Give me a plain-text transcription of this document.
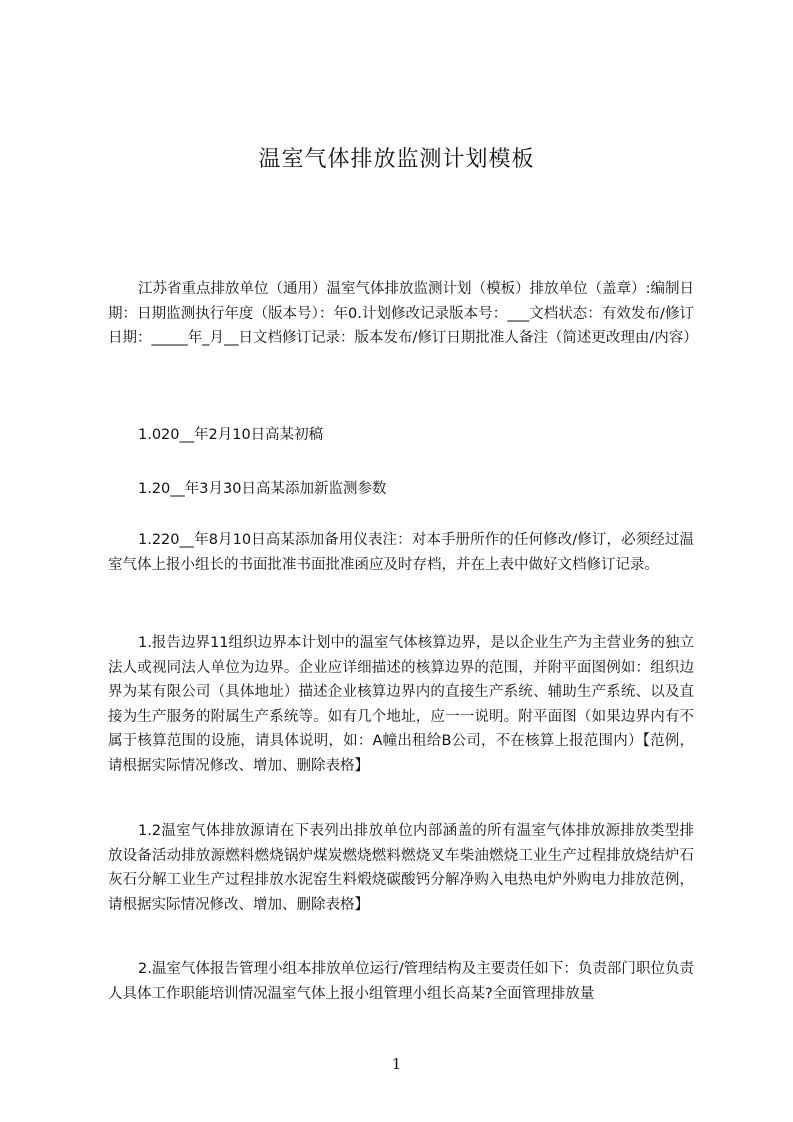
温室气体排放监测计划模板

江苏省重点排放单位（通用）温室气体排放监测计划（模板）排放单位（盖章）:编制日期：日期监测执行年度（版本号）：年0.计划修改记录版本号：___文档状态：有效发布/修订日期：_____年_月__日文档修订记录：版本发布/修订日期批准人备注（简述更改理由/内容）

1.020__年2月10日高某初稿

1.20__年3月30日高某添加新监测参数

1.220__年8月10日高某添加备用仪表注：对本手册所作的任何修改/修订，必须经过温室气体上报小组长的书面批准书面批准函应及时存档，并在上表中做好文档修订记录。

1.报告边界11组织边界本计划中的温室气体核算边界，是以企业生产为主营业务的独立法人或视同法人单位为边界。企业应详细描述的核算边界的范围，并附平面图例如：组织边界为某有限公司（具体地址）描述企业核算边界内的直接生产系统、辅助生产系统、以及直接为生产服务的附属生产系统等。如有几个地址，应一一说明。附平面图（如果边界内有不属于核算范围的设施，请具体说明，如：A幢出租给B公司，不在核算上报范围内）【范例，请根据实际情况修改、增加、删除表格】

1.2温室气体排放源请在下表列出排放单位内部涵盖的所有温室气体排放源排放类型排放设备活动排放源燃料燃烧锅炉煤炭燃烧燃料燃烧叉车柴油燃烧工业生产过程排放烧结炉石灰石分解工业生产过程排放水泥窑生料煅烧碳酸钙分解净购入电热电炉外购电力排放范例，请根据实际情况修改、增加、删除表格】

2.温室气体报告管理小组本排放单位运行/管理结构及主要责任如下：负责部门职位负责人具体工作职能培训情况温室气体上报小组管理小组长高某?全面管理排放量

1
